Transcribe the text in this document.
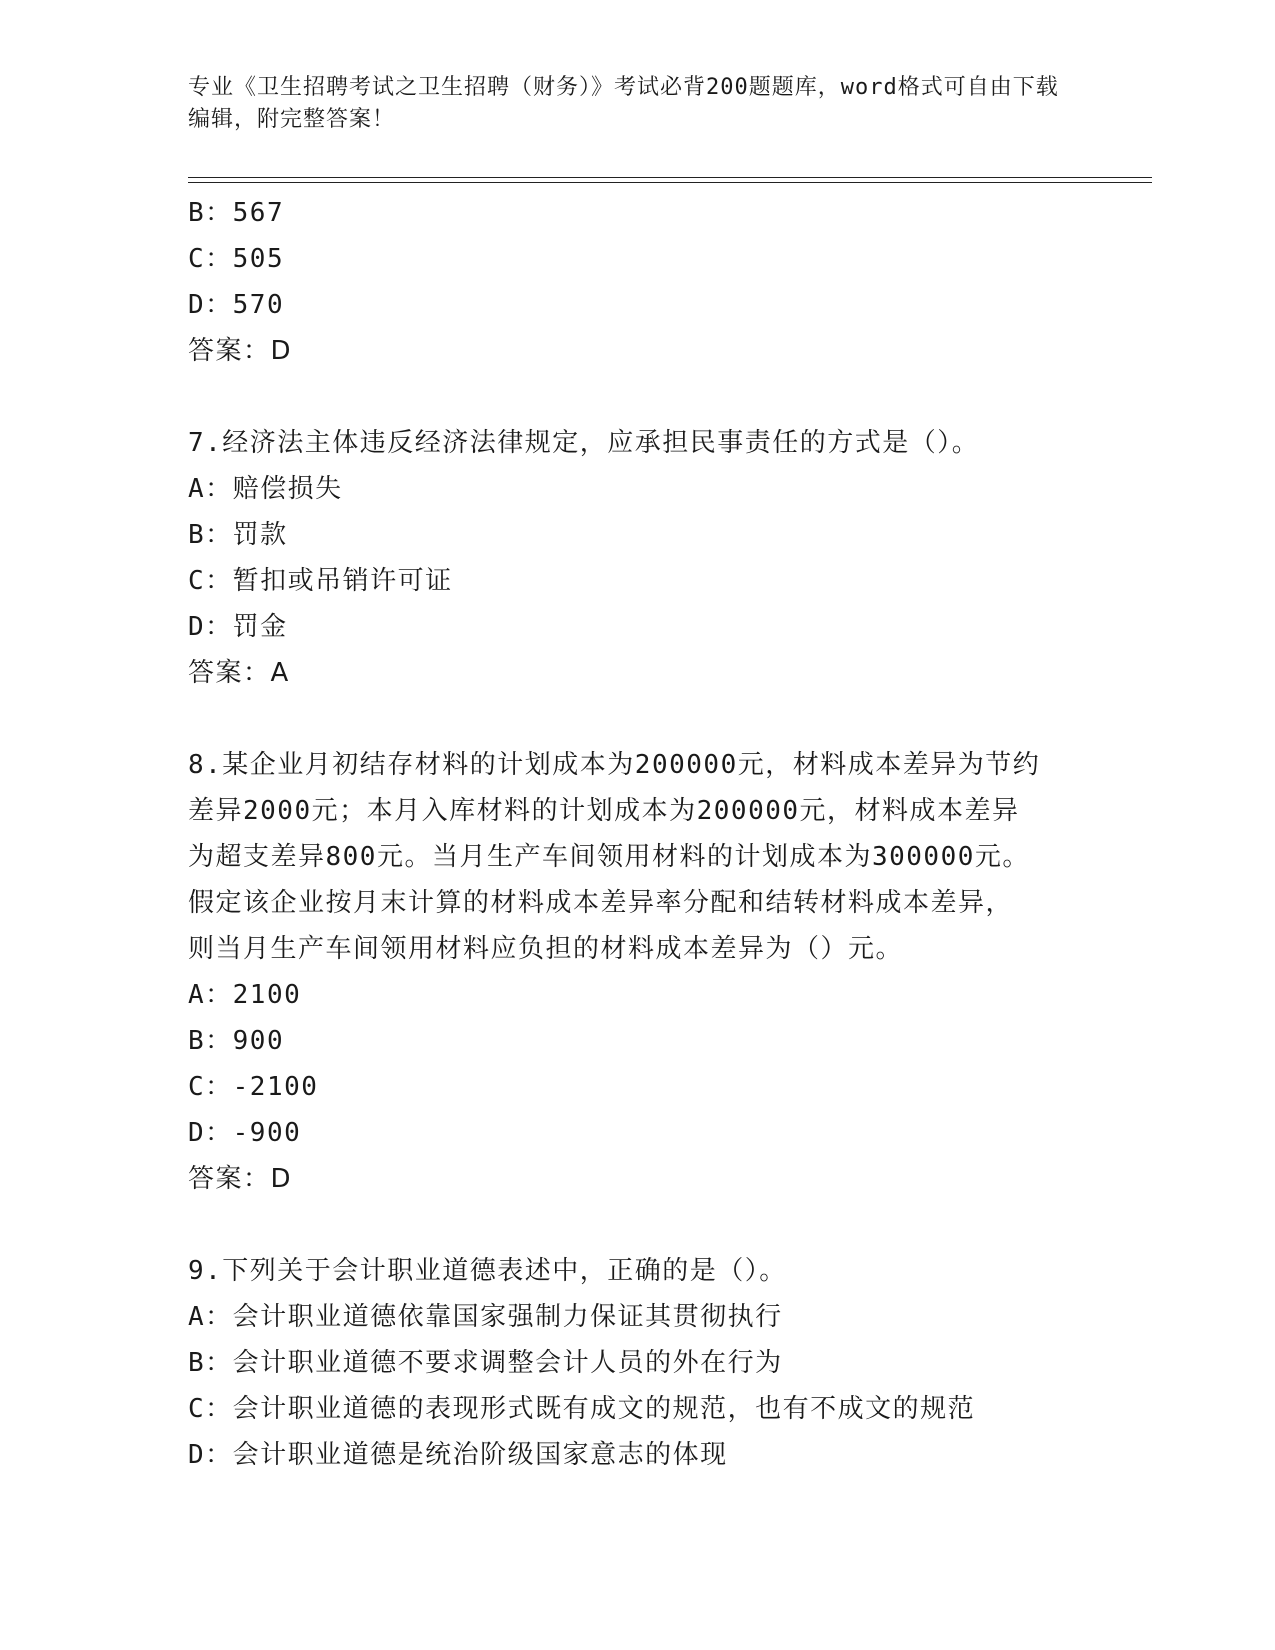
专业《卫生招聘考试之卫生招聘（财务）》考试必背200题题库，word格式可自由下载编辑，附完整答案！
B：567
C：505
D：570
答案：D
7.经济法主体违反经济法律规定，应承担民事责任的方式是（）。
A：赔偿损失
B：罚款
C：暂扣或吊销许可证
D：罚金
答案：A
8.某企业月初结存材料的计划成本为200000元，材料成本差异为节约
差异2000元；本月入库材料的计划成本为200000元，材料成本差异
为超支差异800元。当月生产车间领用材料的计划成本为300000元。
假定该企业按月末计算的材料成本差异率分配和结转材料成本差异，
则当月生产车间领用材料应负担的材料成本差异为（）元。
A：2100
B：900
C：-2100
D：-900
答案：D
9.下列关于会计职业道德表述中，正确的是（）。
A：会计职业道德依靠国家强制力保证其贯彻执行
B：会计职业道德不要求调整会计人员的外在行为
C：会计职业道德的表现形式既有成文的规范，也有不成文的规范
D：会计职业道德是统治阶级国家意志的体现
